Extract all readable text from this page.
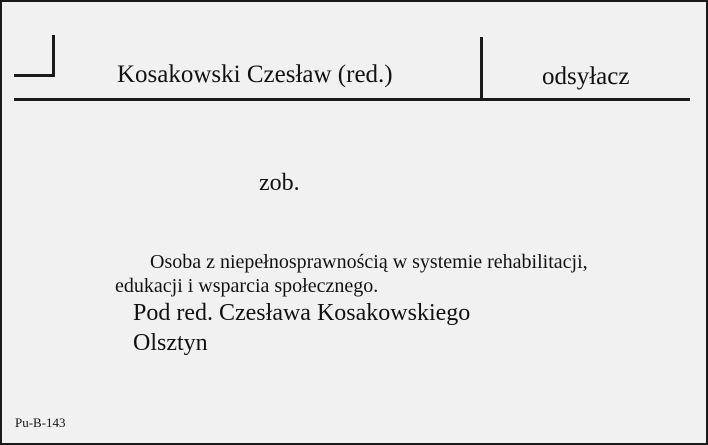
Kosakowski Czesław (red.)	odsyłacz
zob.
Osoba z niepełnosprawnością w systemie rehabilitacji,
edukacji i wsparcia społecznego.
Pod red. Czesława Kosakowskiego
Olsztyn
Pu-B-143
